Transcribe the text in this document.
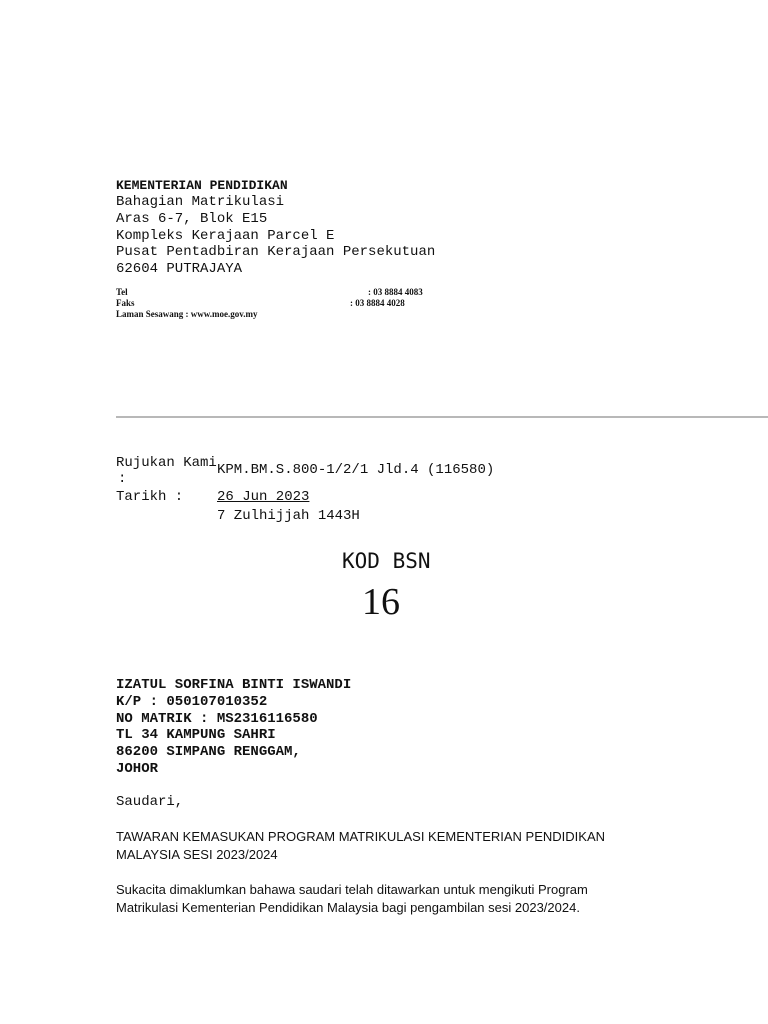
KEMENTERIAN PENDIDIKAN
Bahagian Matrikulasi
Aras 6-7, Blok E15
Kompleks Kerajaan Parcel E
Pusat Pentadbiran Kerajaan Persekutuan
62604 PUTRAJAYA
Tel	: 03 8884 4083
Faks	: 03 8884 4028
Laman Sesawang : www.moe.gov.my
Rujukan Kami
:
KPM.BM.S.800-1/2/1 Jld.4 (116580)
Tarikh : 26 Jun 2023
7 Zulhijjah 1443H
KOD BSN
16
IZATUL SORFINA BINTI ISWANDI
K/P : 050107010352
NO MATRIK : MS2316116580
TL 34 KAMPUNG SAHRI
86200 SIMPANG RENGGAM,
JOHOR
Saudari,
TAWARAN KEMASUKAN PROGRAM MATRIKULASI KEMENTERIAN PENDIDIKAN
MALAYSIA SESI 2023/2024
Sukacita dimaklumkan bahawa saudari telah ditawarkan untuk mengikuti Program
Matrikulasi Kementerian Pendidikan Malaysia bagi pengambilan sesi 2023/2024.
